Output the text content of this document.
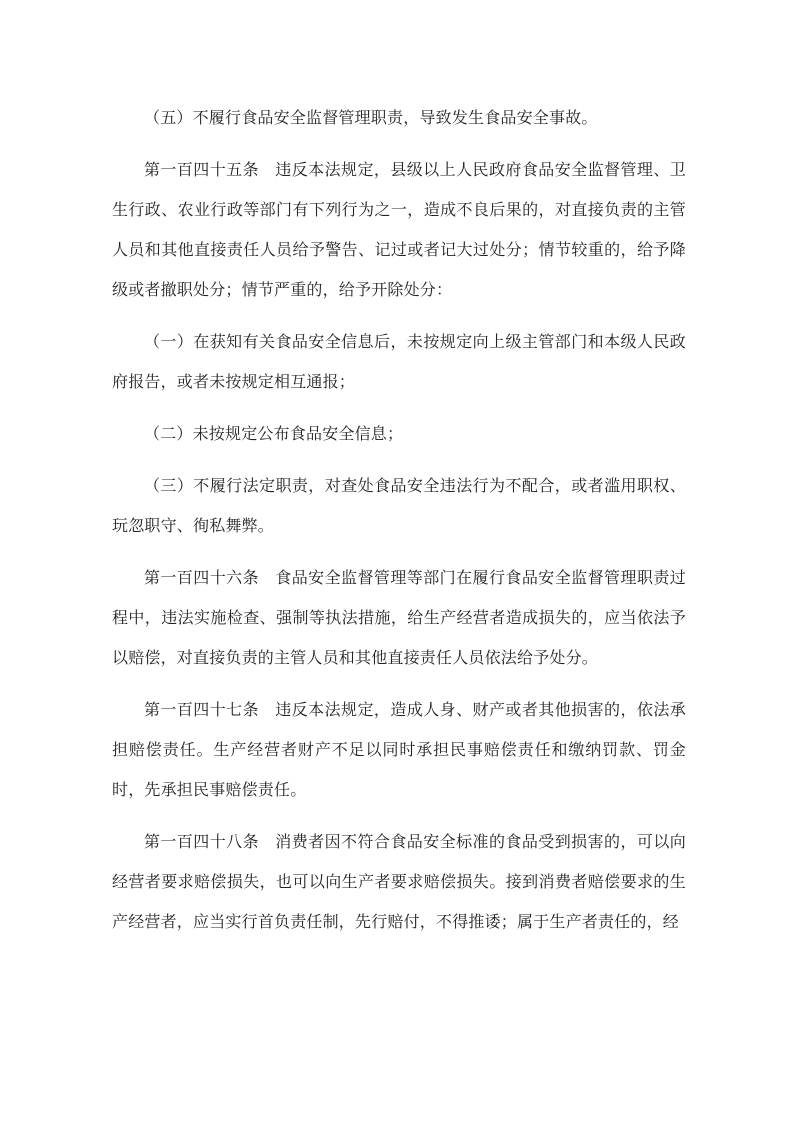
（五）不履行食品安全监督管理职责，导致发生食品安全事故。

第一百四十五条 违反本法规定，县级以上人民政府食品安全监督管理、卫生行政、农业行政等部门有下列行为之一，造成不良后果的，对直接负责的主管人员和其他直接责任人员给予警告、记过或者记大过处分；情节较重的，给予降级或者撤职处分；情节严重的，给予开除处分：

（一）在获知有关食品安全信息后，未按规定向上级主管部门和本级人民政府报告，或者未按规定相互通报；

（二）未按规定公布食品安全信息；

（三）不履行法定职责，对查处食品安全违法行为不配合，或者滥用职权、玩忽职守、徇私舞弊。

第一百四十六条 食品安全监督管理等部门在履行食品安全监督管理职责过程中，违法实施检查、强制等执法措施，给生产经营者造成损失的，应当依法予以赔偿，对直接负责的主管人员和其他直接责任人员依法给予处分。

第一百四十七条 违反本法规定，造成人身、财产或者其他损害的，依法承担赔偿责任。生产经营者财产不足以同时承担民事赔偿责任和缴纳罚款、罚金时，先承担民事赔偿责任。

第一百四十八条 消费者因不符合食品安全标准的食品受到损害的，可以向经营者要求赔偿损失，也可以向生产者要求赔偿损失。接到消费者赔偿要求的生产经营者，应当实行首负责任制，先行赔付，不得推诿；属于生产者责任的，经
